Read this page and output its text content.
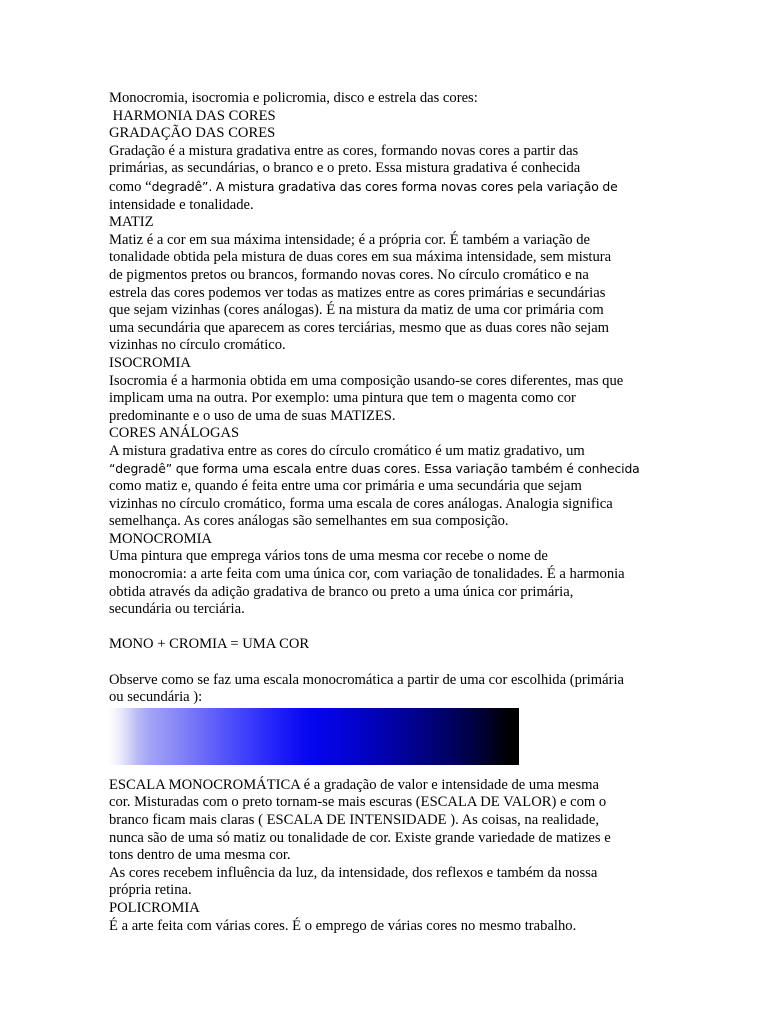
Monocromia, isocromia e policromia, disco e estrela das cores:
HARMONIA DAS CORES
GRADAÇÃO DAS CORES
Gradação é a mistura gradativa entre as cores, formando novas cores a partir das
primárias, as secundárias, o branco e o preto. Essa mistura gradativa é conhecida
como “degradê”. A mistura gradativa das cores forma novas cores pela variação de
intensidade e tonalidade.
MATIZ
Matiz é a cor em sua máxima intensidade; é a própria cor. É também a variação de
tonalidade obtida pela mistura de duas cores em sua máxima intensidade, sem mistura
de pigmentos pretos ou brancos, formando novas cores. No círculo cromático e na
estrela das cores podemos ver todas as matizes entre as cores primárias e secundárias
que sejam vizinhas (cores análogas). É na mistura da matiz de uma cor primária com
uma secundária que aparecem as cores terciárias, mesmo que as duas cores não sejam
vizinhas no círculo cromático.
ISOCROMIA
Isocromia é a harmonia obtida em uma composição usando-se cores diferentes, mas que
implicam uma na outra. Por exemplo: uma pintura que tem o magenta como cor
predominante e o uso de uma de suas MATIZES.
CORES ANÁLOGAS
A mistura gradativa entre as cores do círculo cromático é um matiz gradativo, um
“degradê” que forma uma escala entre duas cores. Essa variação também é conhecida
como matiz e, quando é feita entre uma cor primária e uma secundária que sejam
vizinhas no círculo cromático, forma uma escala de cores análogas. Analogia significa
semelhança. As cores análogas são semelhantes em sua composição.
MONOCROMIA
Uma pintura que emprega vários tons de uma mesma cor recebe o nome de
monocromia: a arte feita com uma única cor, com variação de tonalidades. É a harmonia
obtida através da adição gradativa de branco ou preto a uma única cor primária,
secundária ou terciária.
MONO + CROMIA = UMA COR
Observe como se faz uma escala monocromática a partir de uma cor escolhida (primária
ou secundária ):
ESCALA MONOCROMÁTICA é a gradação de valor e intensidade de uma mesma
cor. Misturadas com o preto tornam-se mais escuras (ESCALA DE VALOR) e com o
branco ficam mais claras ( ESCALA DE INTENSIDADE ). As coisas, na realidade,
nunca são de uma só matiz ou tonalidade de cor. Existe grande variedade de matizes e
tons dentro de uma mesma cor.
As cores recebem influência da luz, da intensidade, dos reflexos e também da nossa
própria retina.
POLICROMIA
É a arte feita com várias cores. É o emprego de várias cores no mesmo trabalho.
